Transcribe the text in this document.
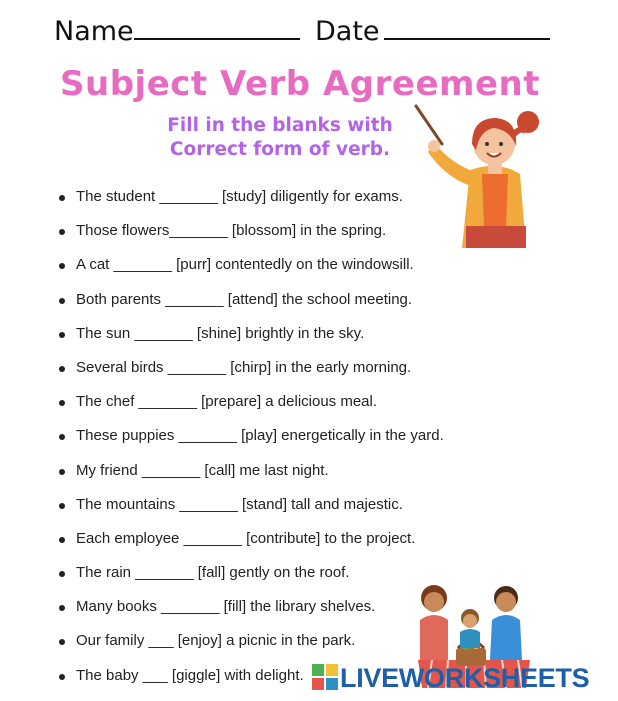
Name	Date
Subject Verb Agreement
Fill in the blanks with
Correct form of verb.
The student _______ [study] diligently for exams.
Those flowers_______ [blossom] in the spring.
A cat _______ [purr] contentedly on the windowsill.
Both parents _______ [attend] the school meeting.
The sun _______ [shine] brightly in the sky.
Several birds _______ [chirp] in the early morning.
The chef _______ [prepare] a delicious meal.
These puppies _______ [play] energetically in the yard.
My friend _______ [call] me last night.
The mountains _______ [stand] tall and majestic.
Each employee _______ [contribute] to the project.
The rain _______ [fall] gently on the roof.
Many books _______ [fill] the library shelves.
Our family ___ [enjoy] a picnic in the park.
The baby ___ [giggle] with delight.	LIVEWORKSHEETS
